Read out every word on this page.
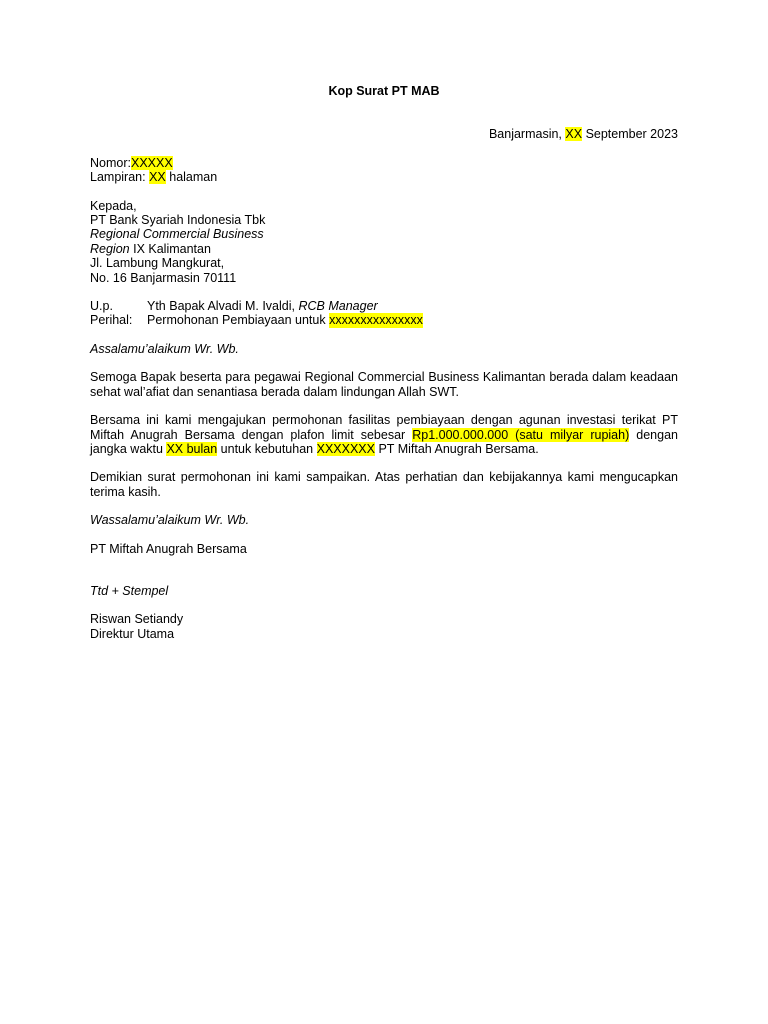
Kop Surat PT MAB

Banjarmasin, XX September 2023
Nomor:XXXXX
Lampiran: XX halaman
Kepada,
PT Bank Syariah Indonesia Tbk
Regional Commercial Business
Region IX Kalimantan
Jl. Lambung Mangkurat,
No. 16 Banjarmasin 70111
U.p.	Yth Bapak Alvadi M. Ivaldi,
RCB Manager
Perihal:	Permohonan Pembiayaan untuk
xxxxxxxxxxxxxxx

Assalamu’alaikum Wr. Wb.

Semoga Bapak beserta para pegawai Regional Commercial Business Kalimantan berada dalam keadaan sehat wal’afiat dan senantiasa berada dalam lindungan Allah SWT.

Bersama ini kami mengajukan permohonan fasilitas pembiayaan dengan agunan investasi terikat PT Miftah Anugrah Bersama dengan plafon limit sebesar Rp1.000.000.000 (satu milyar rupiah) dengan jangka waktu XX bulan untuk kebutuhan XXXXXXX PT Miftah Anugrah Bersama.

Demikian surat permohonan ini kami sampaikan. Atas perhatian dan kebijakannya kami mengucapkan terima kasih.

Wassalamu’alaikum Wr. Wb.

PT Miftah Anugrah Bersama

Ttd + Stempel

Riswan Setiandy
Direktur Utama
